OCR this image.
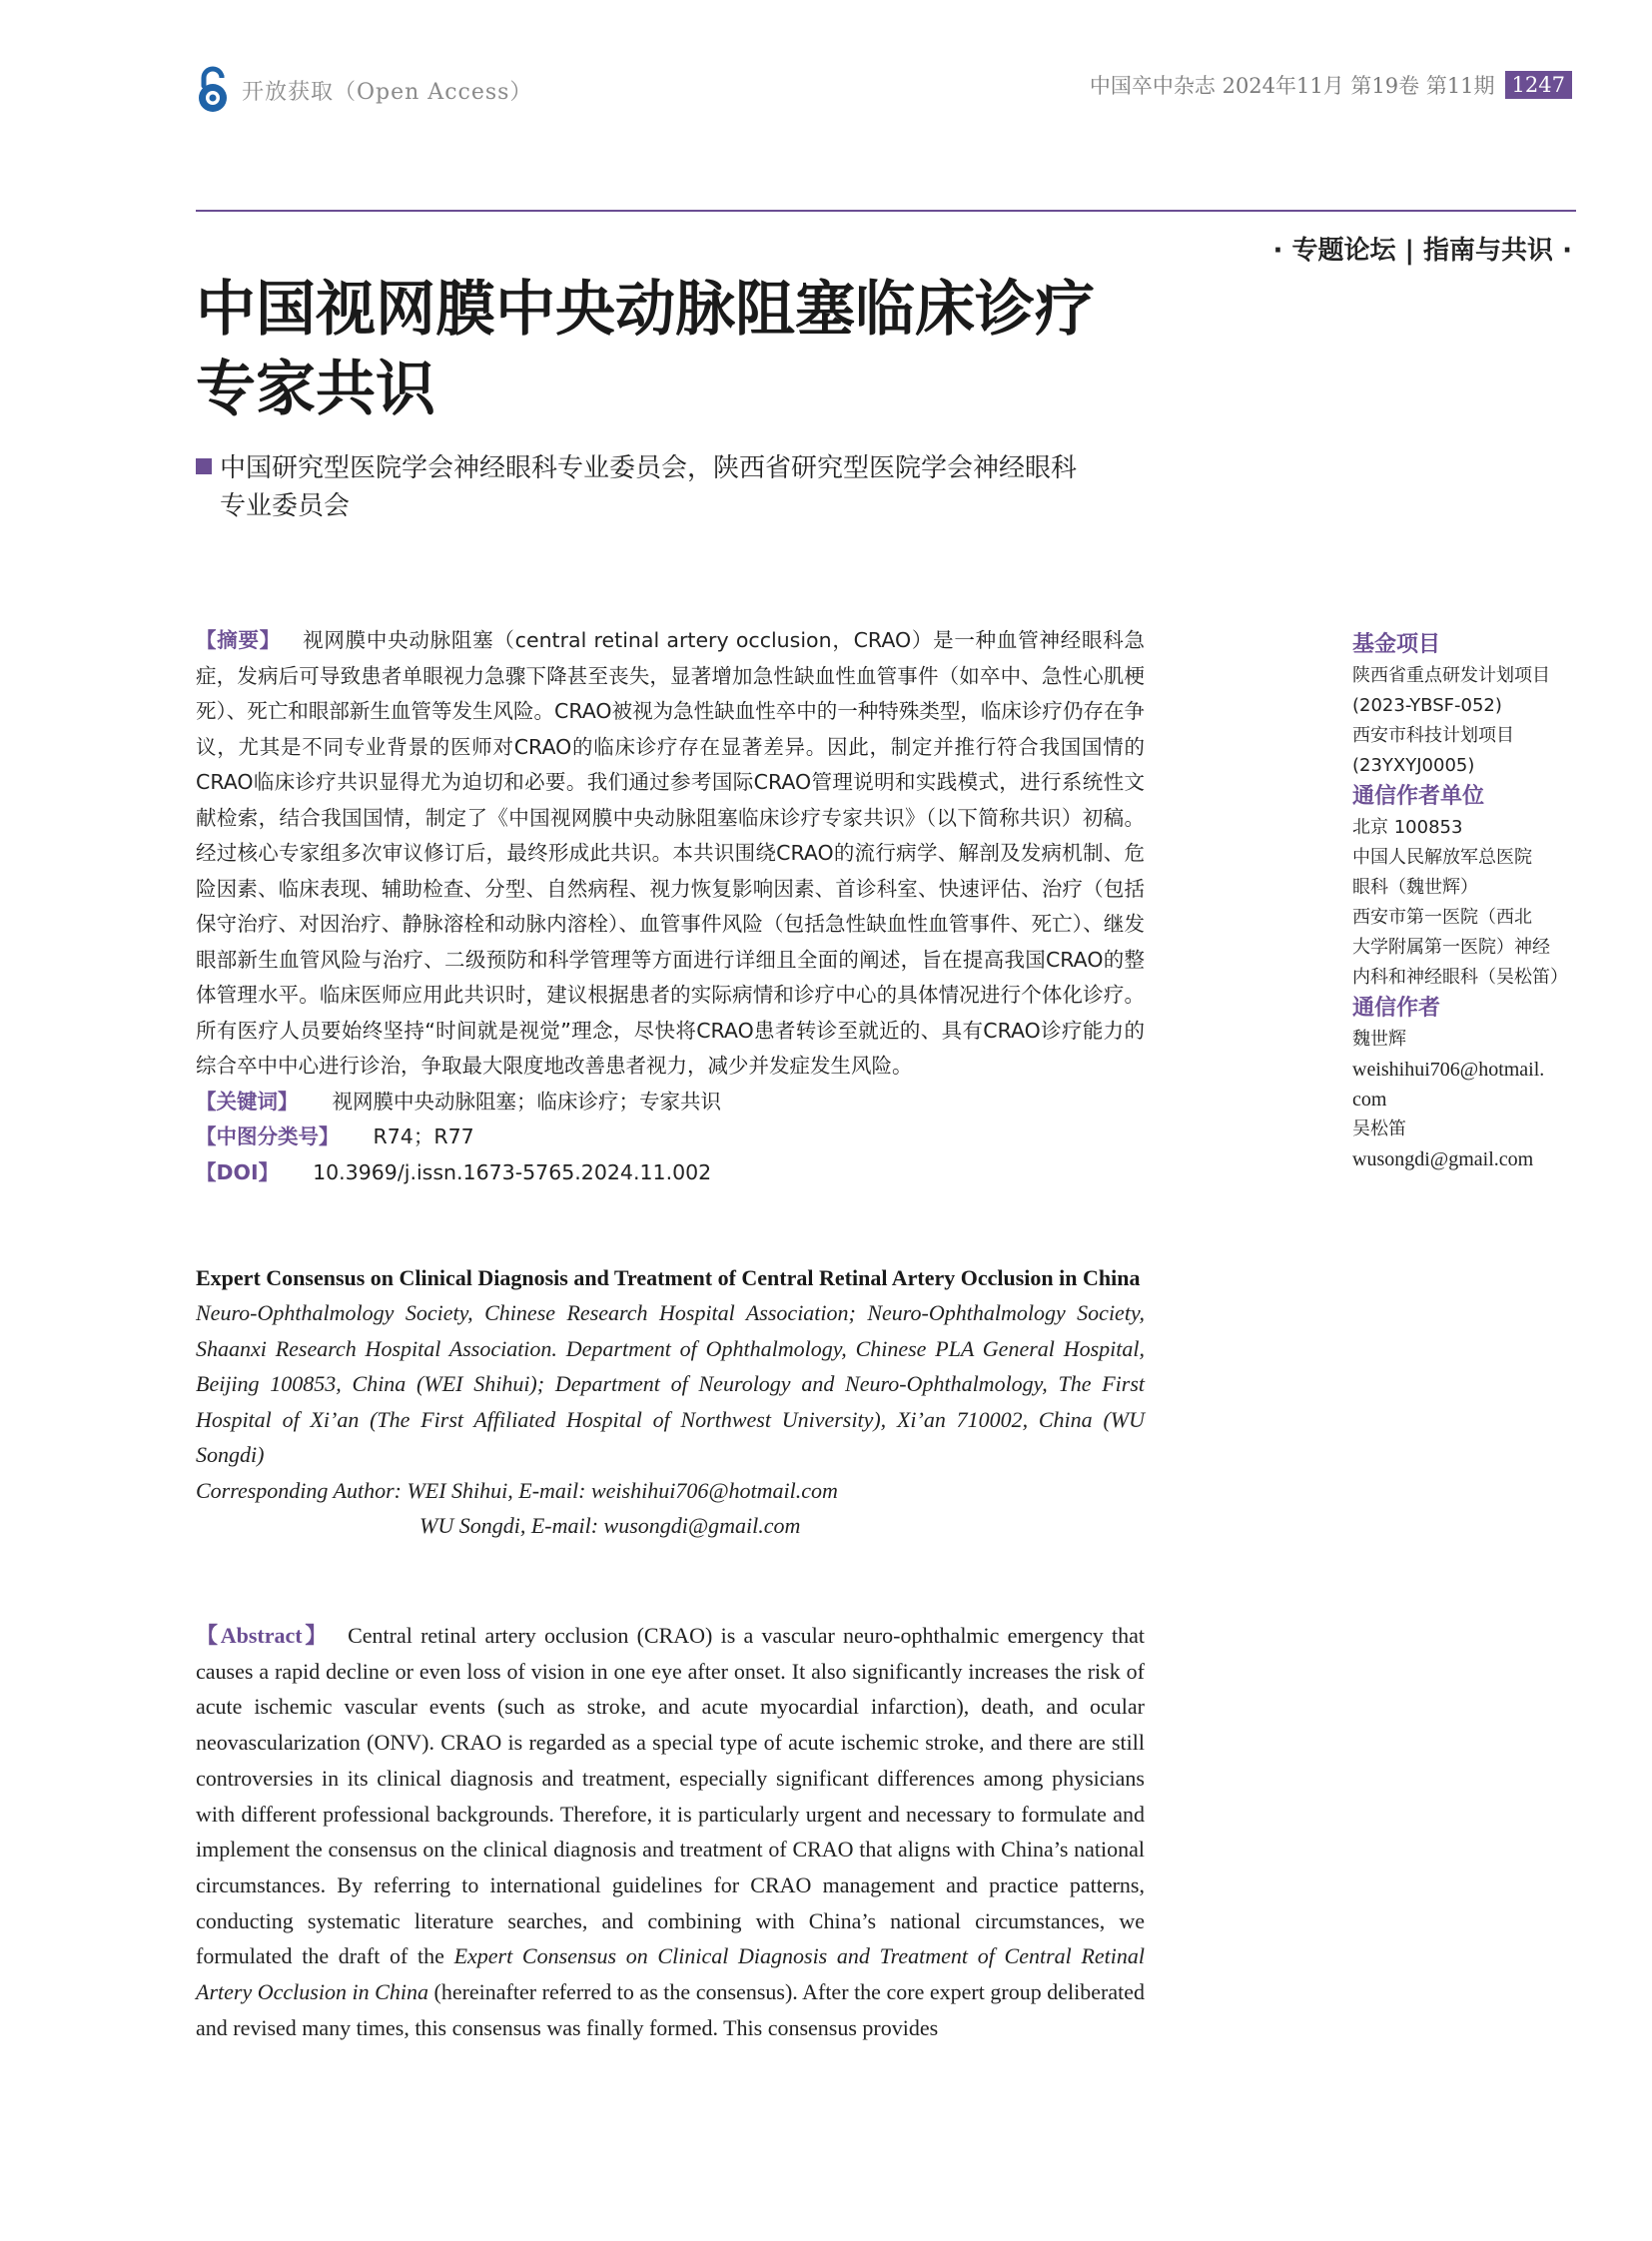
开放获取（Open Access）	中国卒中杂志 2024年11月 第19卷 第11期 1247
· 专题论坛 | 指南与共识 ·
中国视网膜中央动脉阻塞临床诊疗
专家共识
中国研究型医院学会神经眼科专业委员会，陕西省研究型医院学会神经眼科
专业委员会

【摘要】 视网膜中央动脉阻塞（central retinal artery occlusion，CRAO）是一种血管神经眼科急症，发病后可导致患者单眼视力急骤下降甚至丧失，显著增加急性缺血性血管事件（如卒中、急性心肌梗死）、死亡和眼部新生血管等发生风险。CRAO被视为急性缺血性卒中的一种特殊类型，临床诊疗仍存在争议，尤其是不同专业背景的医师对CRAO的临床诊疗存在显著差异。因此，制定并推行符合我国国情的CRAO临床诊疗共识显得尤为迫切和必要。我们通过参考国际CRAO管理说明和实践模式，进行系统性文献检索，结合我国国情，制定了《中国视网膜中央动脉阻塞临床诊疗专家共识》（以下简称共识）初稿。经过核心专家组多次审议修订后，最终形成此共识。本共识围绕CRAO的流行病学、解剖及发病机制、危险因素、临床表现、辅助检查、分型、自然病程、视力恢复影响因素、首诊科室、快速评估、治疗（包括保守治疗、对因治疗、静脉溶栓和动脉内溶栓）、血管事件风险（包括急性缺血性血管事件、死亡）、继发眼部新生血管风险与治疗、二级预防和科学管理等方面进行详细且全面的阐述，旨在提高我国CRAO的整体管理水平。临床医师应用此共识时，建议根据患者的实际病情和诊疗中心的具体情况进行个体化诊疗。所有医疗人员要始终坚持“时间就是视觉”理念，尽快将CRAO患者转诊至就近的、具有CRAO诊疗能力的综合卒中中心进行诊治，争取最大限度地改善患者视力，减少并发症发生风险。

【关键词】 视网膜中央动脉阻塞；临床诊疗；专家共识

【中图分类号】 R74；R77

【DOI】 10.3969/j.issn.1673-5765.2024.11.002

Expert Consensus on Clinical Diagnosis and Treatment of Central Retinal Artery Occlusion in China
Neuro-Ophthalmology Society, Chinese Research Hospital Association; Neuro-Ophthalmology Society, Shaanxi Research Hospital Association. Department of Ophthalmology, Chinese PLA General Hospital, Beijing 100853, China (WEI Shihui); Department of Neurology and Neuro-Ophthalmology, The First Hospital of Xi’an (The First Affiliated Hospital of Northwest University), Xi’an 710002, China (WU Songdi)
Corresponding Author: WEI Shihui, E-mail: weishihui706@hotmail.com
WU Songdi, E-mail: wusongdi@gmail.com
【Abstract】 Central retinal artery occlusion (CRAO) is a vascular neuro-ophthalmic emergency that causes a rapid decline or even loss of vision in one eye after onset. It also significantly increases the risk of acute ischemic vascular events (such as stroke, and acute myocardial infarction), death, and ocular neovascularization (ONV). CRAO is regarded as a special type of acute ischemic stroke, and there are still controversies in its clinical diagnosis and treatment, especially significant differences among physicians with different professional backgrounds. Therefore, it is particularly urgent and necessary to formulate and implement the consensus on the clinical diagnosis and treatment of CRAO that aligns with China’s national circumstances. By referring to international guidelines for CRAO management and practice patterns, conducting systematic literature searches, and combining with China’s national circumstances, we formulated the draft of the Expert Consensus on Clinical Diagnosis and Treatment of Central Retinal Artery Occlusion in China (hereinafter referred to as the consensus). After the core expert group deliberated and revised many times, this consensus was finally formed. This consensus provides
基金项目
陕西省重点研发计划项目
(2023-YBSF-052)
西安市科技计划项目
(23YXYJ0005)
通信作者单位
北京 100853
中国人民解放军总医院
眼科（魏世辉）
西安市第一医院（西北
大学附属第一医院）神经
内科和神经眼科（吴松笛）
通信作者
魏世辉
weishihui706@hotmail.
com
吴松笛
wusongdi@gmail.com
